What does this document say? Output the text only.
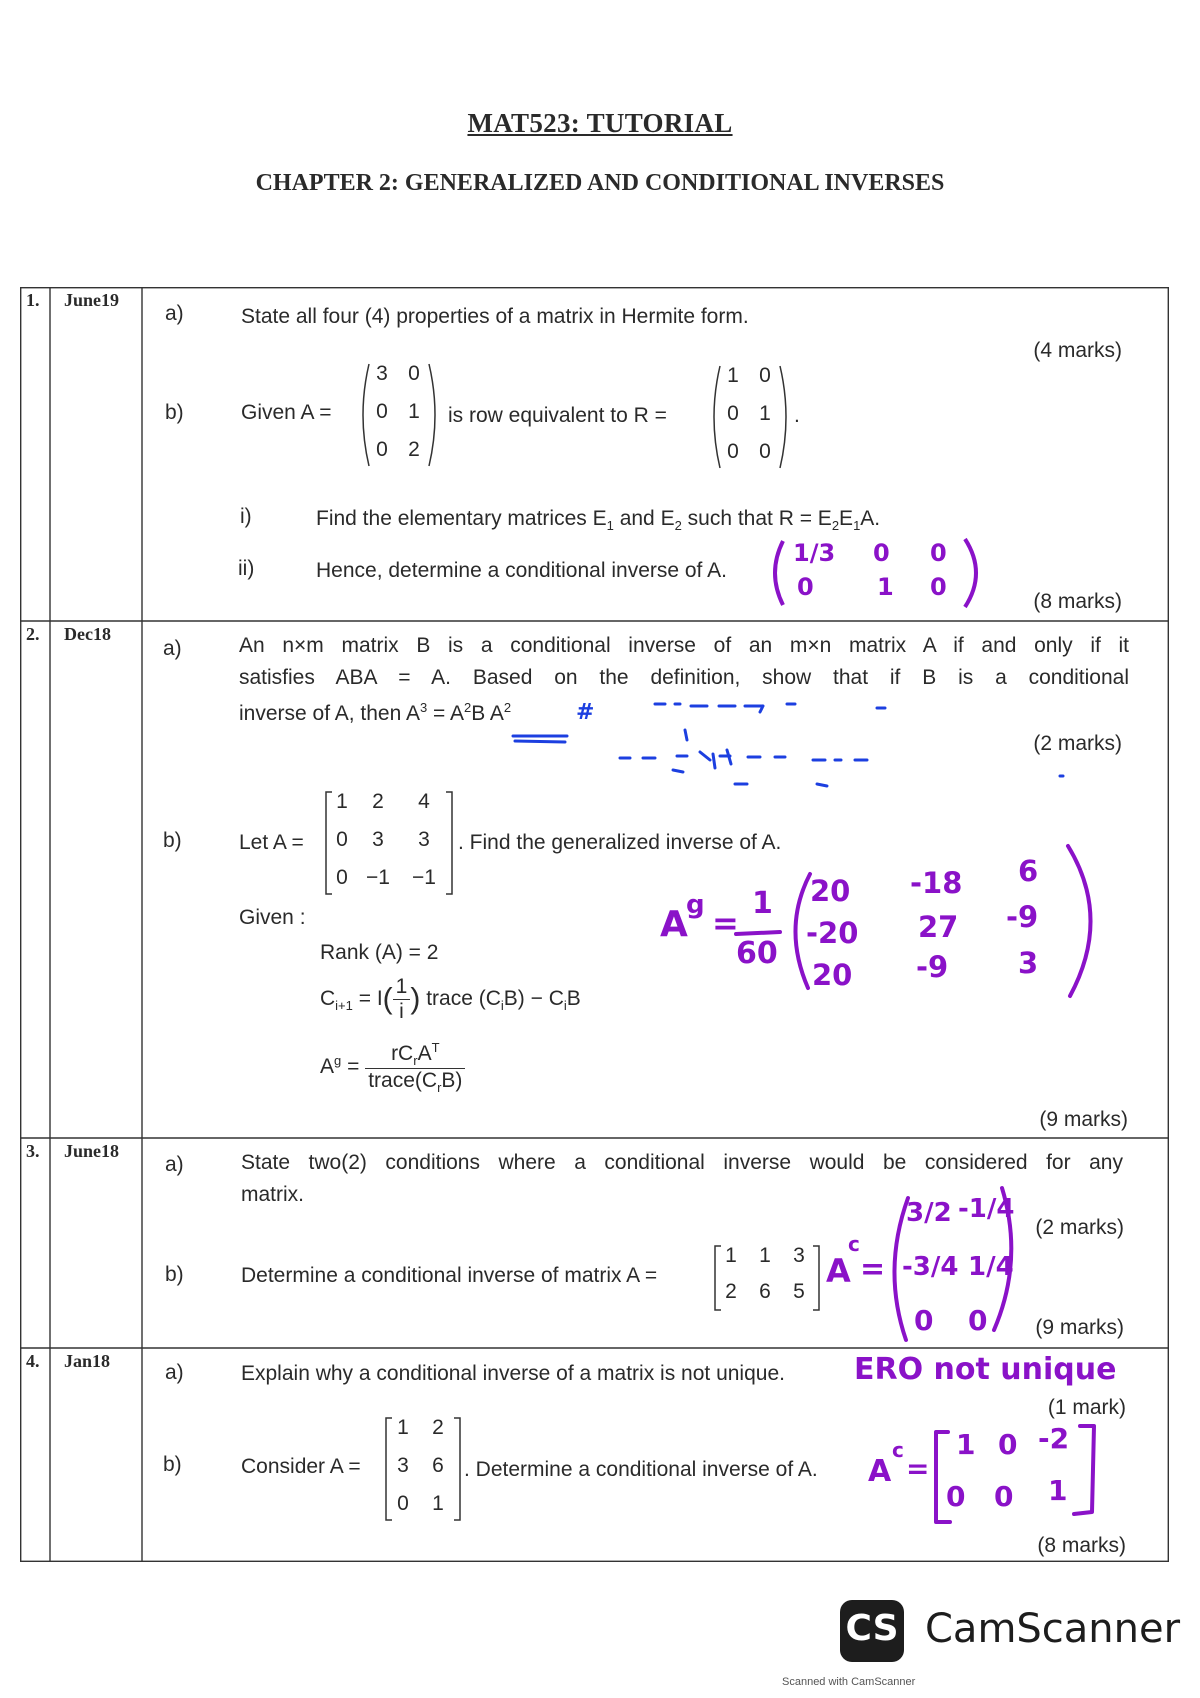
MAT523: TUTORIAL
CHAPTER 2: GENERALIZED AND CONDITIONAL INVERSES
1. June19
a)	State all four (4) properties of a matrix in Hermite form.
(4 marks)
b)	Given A =
3 0
0 1
0 2
is row equivalent to R =
1 0
0 1
0 0
.
i)	Find the elementary matrices $E_1$ and $E_2$ such that $R = E_2E_1A$.
ii)	Hence, determine a conditional inverse of A.
1/3 0 0
0	1 0
(8 marks)
2. Dec18
a)	An n×m matrix B is a conditional inverse of an m×n matrix A if and only if it
satisfies ABA = A. Based on the definition, show that if B is a conditional
inverse of A, then $A^3 = A^2B$ $A^2$	#
(2 marks)
b)	Let A =
1	2	4
0	3	3
0 −1 −1
. Find the generalized inverse of A.
Given :
Rank (A) = 2
$C_{i+1} = I( \frac{1}{i}$ ) trace $(C_iB) - C_iB$
$A^g = \frac{rC_rA^T}{trace(C_rB)}$
A
g =
1
60
20 -18 6
-20 27 -9
20 -9 3
(9 marks)
3. June18
a)	State two(2) conditions where a conditional inverse would be considered for any
matrix.
(2 marks)
b)	Determine a conditional inverse of matrix A =
1	1	3
2	6	5
A
c
=
3/2 -1/4
-3/4 1/4
0 0 (9 marks)
4. Jan18	a)	Explain why a conditional inverse of a matrix is not unique. ERO not unique
(1 mark)
b)	Consider A =
1	2
3	6
0	1
. Determine a conditional inverse of A. A
c
=
1 0 -2
0 0 1
(8 marks)
CS CamScanner
Scanned with CamScanner
